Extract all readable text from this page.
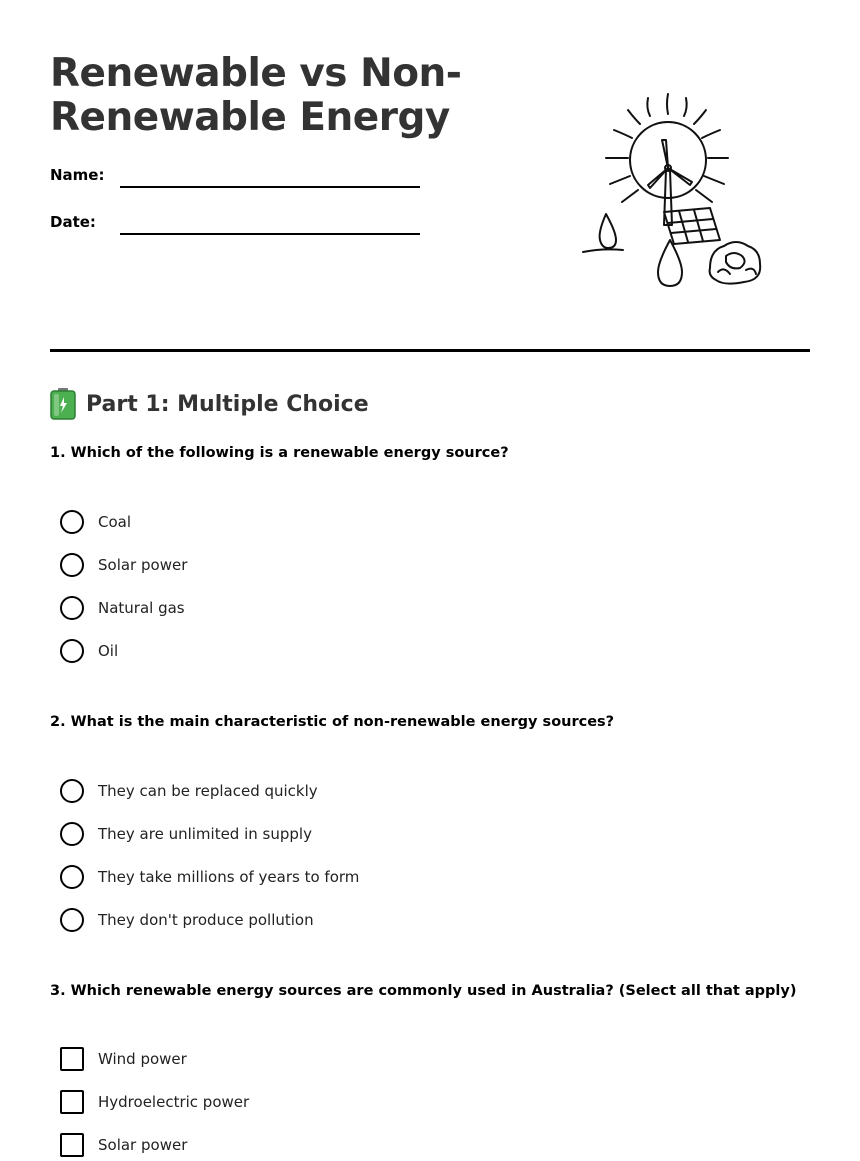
Renewable vs Non-Renewable Energy
Name:
Date:
Part 1: Multiple Choice

1. Which of the following is a renewable energy source?

Coal
Solar power
Natural gas
Oil

2. What is the main characteristic of non-renewable energy sources?

They can be replaced quickly
They are unlimited in supply
They take millions of years to form
They don't produce pollution

3. Which renewable energy sources are commonly used in Australia? (Select all that apply)

Wind power
Hydroelectric power
Solar power
